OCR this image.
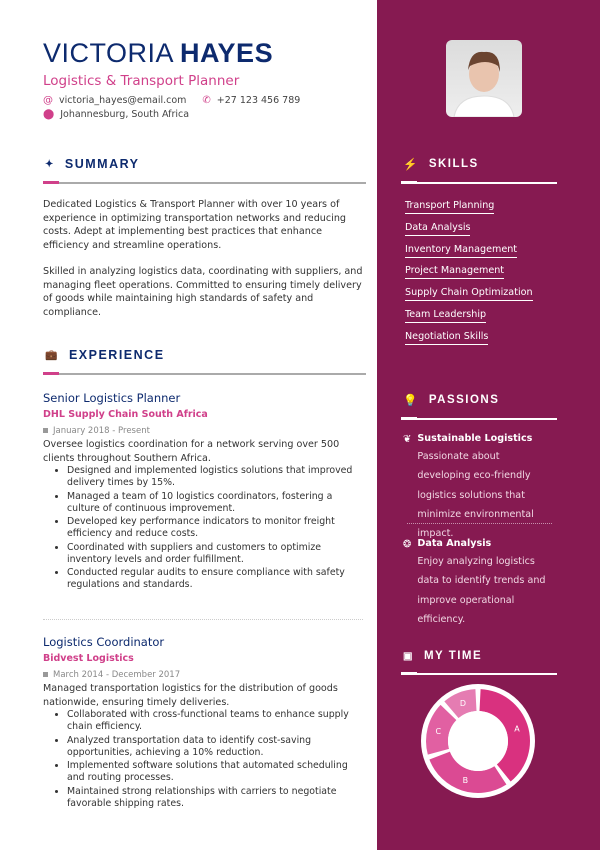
VICTORIA HAYES
Logistics & Transport Planner
@ victoria_hayes@email.com ✆ +27 123 456 789
⬤ Johannesburg, South Africa
✦ SUMMARY

Dedicated Logistics & Transport Planner with over 10 years of experience in optimizing transportation networks and reducing costs. Adept at implementing best practices that enhance efficiency and streamline operations.

Skilled in analyzing logistics data, coordinating with suppliers, and managing fleet operations. Committed to ensuring timely delivery of goods while maintaining high standards of safety and compliance.

💼 EXPERIENCE
Senior Logistics Planner
DHL Supply Chain South Africa
January 2018 - Present

Oversee logistics coordination for a network serving over 500 clients throughout Southern Africa.

• Designed and implemented logistics solutions that improved delivery times by 15%.
• Managed a team of 10 logistics coordinators, fostering a culture of continuous improvement.
• Developed key performance indicators to monitor freight efficiency and reduce costs.
• Coordinated with suppliers and customers to optimize inventory levels and order fulfillment.
• Conducted regular audits to ensure compliance with safety regulations and standards.
Logistics Coordinator
Bidvest Logistics
March 2014 - December 2017

Managed transportation logistics for the distribution of goods nationwide, ensuring timely deliveries.

• Collaborated with cross-functional teams to enhance supply chain efficiency.
• Analyzed transportation data to identify cost-saving opportunities, achieving a 10% reduction.
• Implemented software solutions that automated scheduling and routing processes.
• Maintained strong relationships with carriers to negotiate favorable shipping rates.
⚡ SKILLS
Transport Planning
Data Analysis
Inventory Management
Project Management
Supply Chain Optimization
Team Leadership
Negotiation Skills
💡 PASSIONS
❦ Sustainable Logistics
Passionate about developing eco-friendly logistics solutions that minimize environmental impact.
❂ Data Analysis
Enjoy analyzing logistics data to identify trends and improve operational efficiency.
▣ MY TIME
A
B
C
D
